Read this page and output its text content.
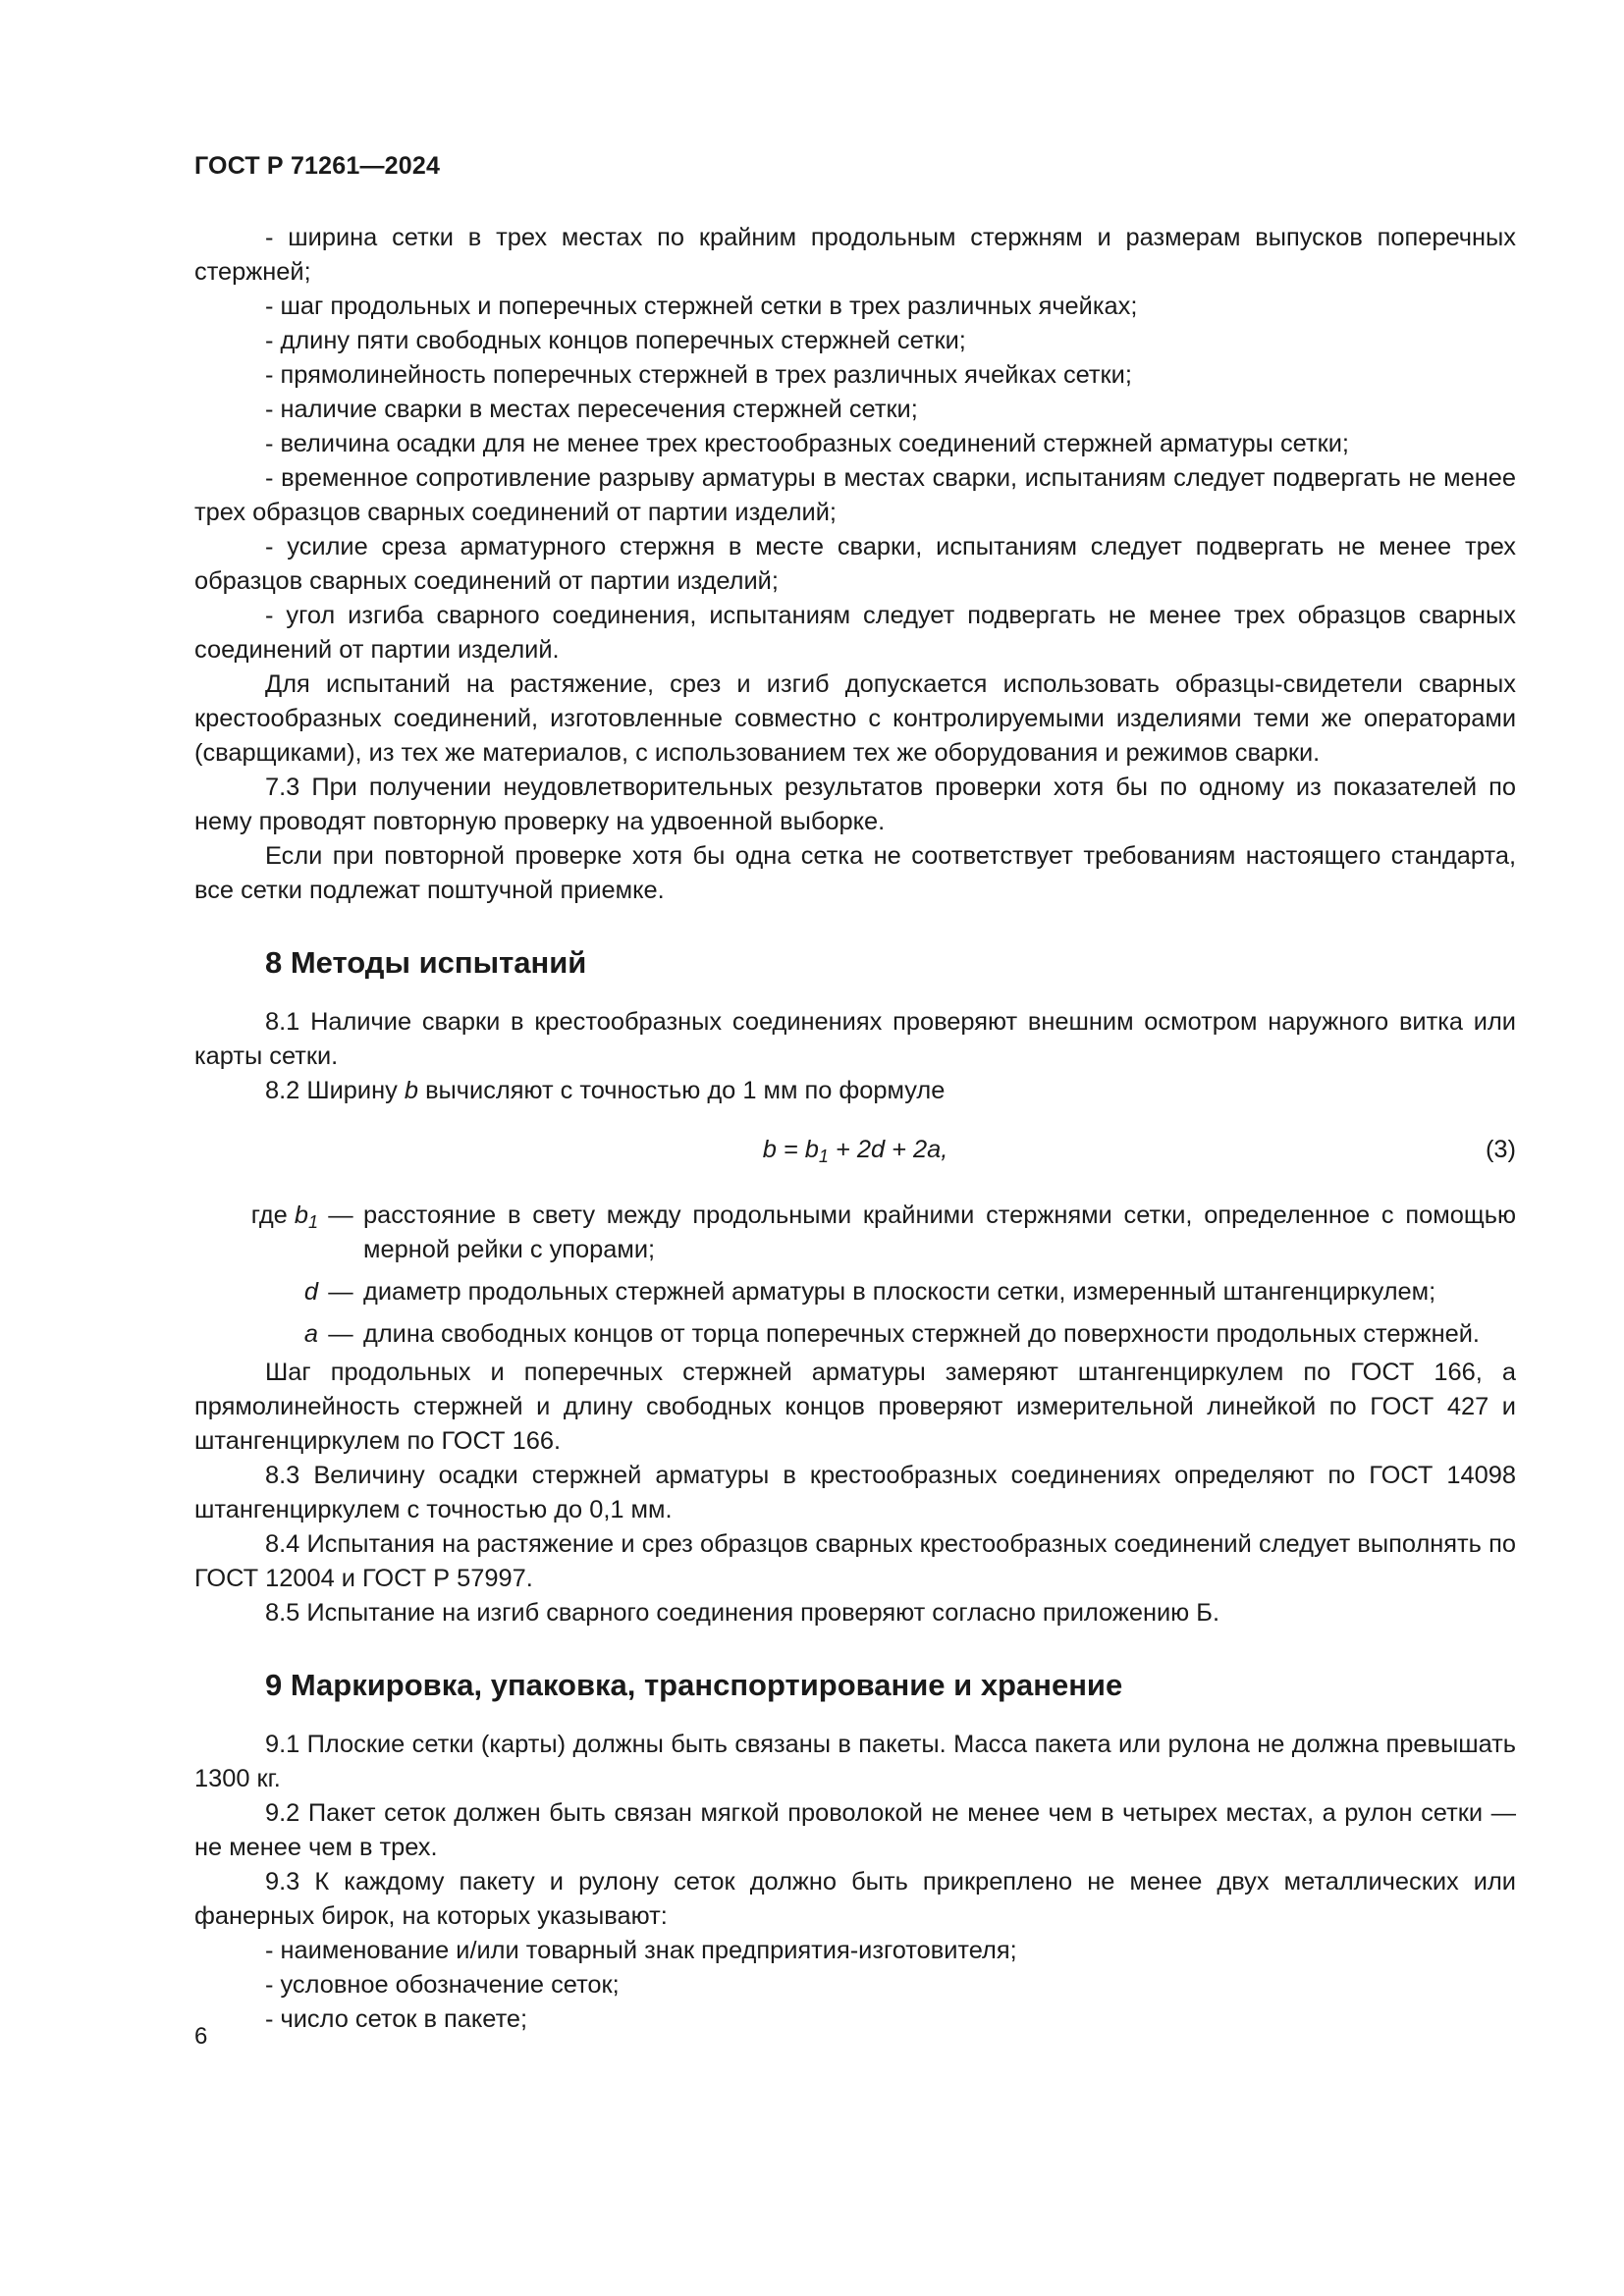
ГОСТ Р 71261—2024

- ширина сетки в трех местах по крайним продольным стержням и размерам выпусков поперечных стержней;

- шаг продольных и поперечных стержней сетки в трех различных ячейках;

- длину пяти свободных концов поперечных стержней сетки;

- прямолинейность поперечных стержней в трех различных ячейках сетки;

- наличие сварки в местах пересечения стержней сетки;

- величина осадки для не менее трех крестообразных соединений стержней арматуры сетки;

- временное сопротивление разрыву арматуры в местах сварки, испытаниям следует подвергать не менее трех образцов сварных соединений от партии изделий;

- усилие среза арматурного стержня в месте сварки, испытаниям следует подвергать не менее трех образцов сварных соединений от партии изделий;

- угол изгиба сварного соединения, испытаниям следует подвергать не менее трех образцов сварных соединений от партии изделий.

Для испытаний на растяжение, срез и изгиб допускается использовать образцы-свидетели сварных крестообразных соединений, изготовленные совместно с контролируемыми изделиями теми же операторами (сварщиками), из тех же материалов, с использованием тех же оборудования и режимов сварки.

7.3 При получении неудовлетворительных результатов проверки хотя бы по одному из показателей по нему проводят повторную проверку на удвоенной выборке.

Если при повторной проверке хотя бы одна сетка не соответствует требованиям настоящего стандарта, все сетки подлежат поштучной приемке.

8 Методы испытаний

8.1 Наличие сварки в крестообразных соединениях проверяют внешним осмотром наружного витка или карты сетки.

8.2 Ширину b вычисляют с точностью до 1 мм по формуле

$b = b_1 + 2d + 2a$,	(3)
где $b_1$ — расстояние в свету между продольными крайними стержнями сетки, определенное с помощью мерной рейки с упорами;
d — диаметр продольных стержней арматуры в плоскости сетки, измеренный штангенциркулем;
a — длина свободных концов от торца поперечных стержней до поверхности продольных стержней.

Шаг продольных и поперечных стержней арматуры замеряют штангенциркулем по ГОСТ 166, а прямолинейность стержней и длину свободных концов проверяют измерительной линейкой по ГОСТ 427 и штангенциркулем по ГОСТ 166.

8.3 Величину осадки стержней арматуры в крестообразных соединениях определяют по ГОСТ 14098 штангенциркулем с точностью до 0,1 мм.

8.4 Испытания на растяжение и срез образцов сварных крестообразных соединений следует выполнять по ГОСТ 12004 и ГОСТ Р 57997.

8.5 Испытание на изгиб сварного соединения проверяют согласно приложению Б.

9 Маркировка, упаковка, транспортирование и хранение

9.1 Плоские сетки (карты) должны быть связаны в пакеты. Масса пакета или рулона не должна превышать 1300 кг.

9.2 Пакет сеток должен быть связан мягкой проволокой не менее чем в четырех местах, а рулон сетки — не менее чем в трех.

9.3 К каждому пакету и рулону сеток должно быть прикреплено не менее двух металлических или фанерных бирок, на которых указывают:

- наименование и/или товарный знак предприятия-изготовителя;

- условное обозначение сеток;

- число сеток в пакете;

6
